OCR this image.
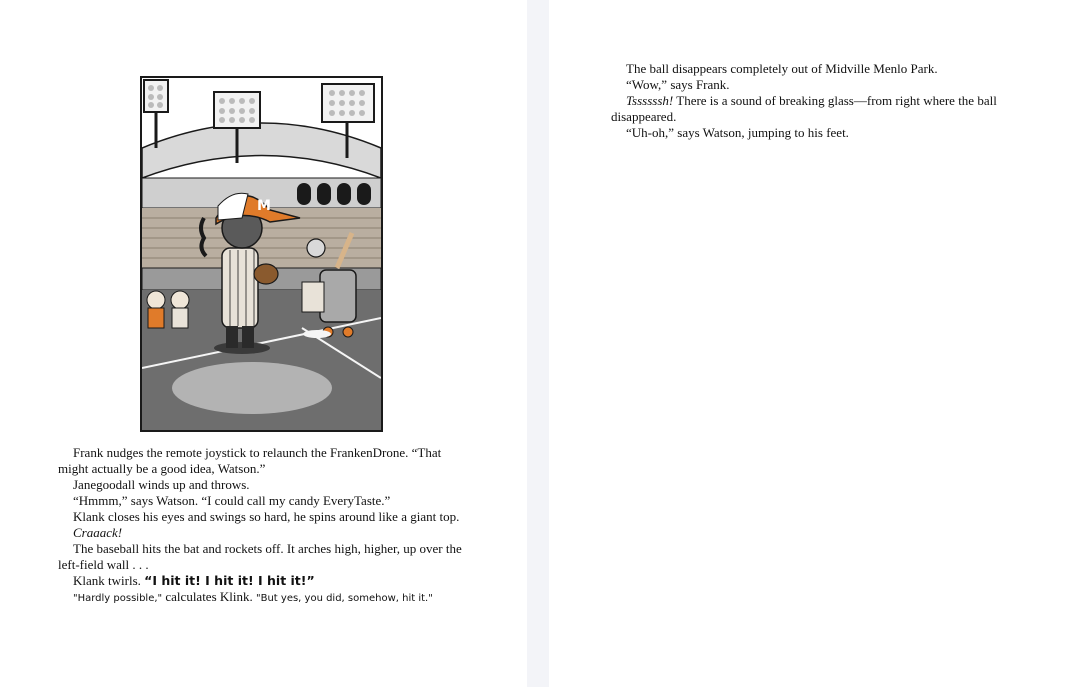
M

Frank nudges the remote joystick to relaunch the FrankenDrone. “That might actually be a good idea, Watson.”

Janegoodall winds up and throws.

“Hmmm,” says Watson. “I could call my candy EveryTaste.”

Klank closes his eyes and swings so hard, he spins around like a giant top.

Craaack!

The baseball hits the bat and rockets off. It arches high, higher, up over the left-field wall . . .

Klank twirls. “I hit it! I hit it! I hit it!”

"Hardly possible," calculates Klink. "But yes, you did, somehow, hit it."

The ball disappears completely out of Midville Menlo Park.

“Wow,” says Frank.

Tssssssh! There is a sound of breaking glass—from right where the ball disappeared.

“Uh-oh,” says Watson, jumping to his feet.
